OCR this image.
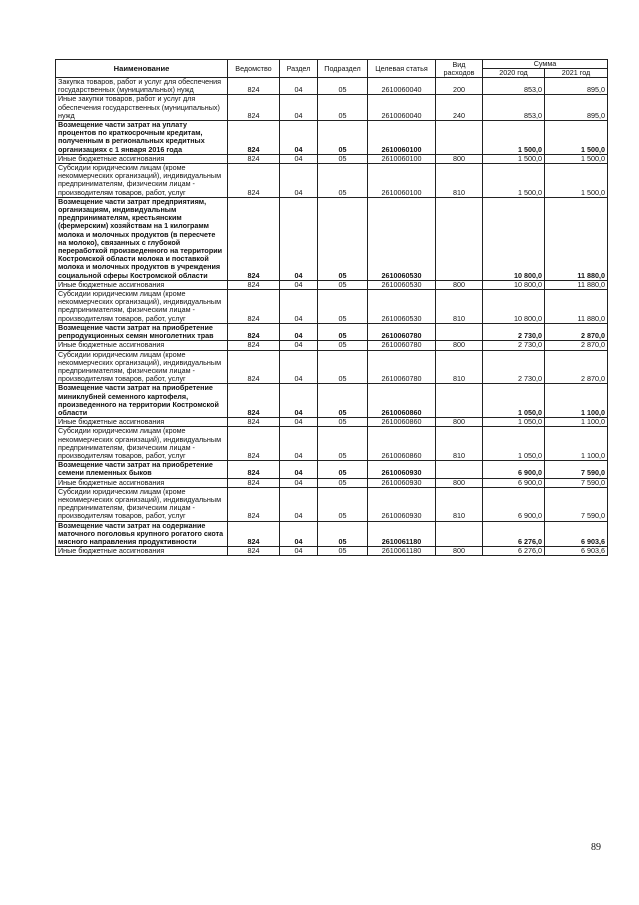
Наименование	Ведомство	Раздел	Подраздел	Целевая статья	Вид расходов	Сумма	
						2020 год	2021 год
Закупка товаров, работ и услуг для обеспечения государственных (муниципальных) нужд	824	04	05	2610060040	200	853,0	895,0
Иные закупки товаров, работ и услуг для обеспечения государственных (муниципальных) нужд	824	04	05	2610060040	240	853,0	895,0
Возмещение части затрат на уплату процентов по краткосрочным кредитам, полученным в региональных кредитных организациях с 1 января 2016 года	824	04	05	2610060100		1 500,0	1 500,0
Иные бюджетные ассигнования	824	04	05	2610060100	800	1 500,0	1 500,0
Субсидии юридическим лицам (кроме некоммерческих организаций), индивидуальным предпринимателям, физическим лицам - производителям товаров, работ, услуг	824	04	05	2610060100	810	1 500,0	1 500,0
Возмещение части затрат предприятиям, организациям, индивидуальным предпринимателям, крестьянским (фермерским) хозяйствам на 1 килограмм молока и молочных продуктов (в пересчете на молоко), связанных с глубокой переработкой произведенного на территории Костромской области молока и поставкой молока и молочных продуктов в учреждения социальной сферы Костромской области	824	04	05	2610060530		10 800,0	11 880,0
Иные бюджетные ассигнования	824	04	05	2610060530	800	10 800,0	11 880,0
Субсидии юридическим лицам (кроме некоммерческих организаций), индивидуальным предпринимателям, физическим лицам - производителям товаров, работ, услуг	824	04	05	2610060530	810	10 800,0	11 880,0
Возмещение части затрат на приобретение репродукционных семян многолетних трав	824	04	05	2610060780		2 730,0	2 870,0
Иные бюджетные ассигнования	824	04	05	2610060780	800	2 730,0	2 870,0
Субсидии юридическим лицам (кроме некоммерческих организаций), индивидуальным предпринимателям, физическим лицам - производителям товаров, работ, услуг	824	04	05	2610060780	810	2 730,0	2 870,0
Возмещение части затрат на приобретение миниклубней семенного картофеля, произведенного на территории Костромской области	824	04	05	2610060860		1 050,0	1 100,0
Иные бюджетные ассигнования	824	04	05	2610060860	800	1 050,0	1 100,0
Субсидии юридическим лицам (кроме некоммерческих организаций), индивидуальным предпринимателям, физическим лицам - производителям товаров, работ, услуг	824	04	05	2610060860	810	1 050,0	1 100,0
Возмещение части затрат на приобретение семени племенных быков	824	04	05	2610060930		6 900,0	7 590,0
Иные бюджетные ассигнования	824	04	05	2610060930	800	6 900,0	7 590,0
Субсидии юридическим лицам (кроме некоммерческих организаций), индивидуальным предпринимателям, физическим лицам - производителям товаров, работ, услуг	824	04	05	2610060930	810	6 900,0	7 590,0
Возмещение части затрат на содержание маточного поголовья крупного рогатого скота мясного направления продуктивности	824	04	05	2610061180		6 276,0	6 903,6
Иные бюджетные ассигнования	824	04	05	2610061180	800	6 276,0	6 903,6
89
